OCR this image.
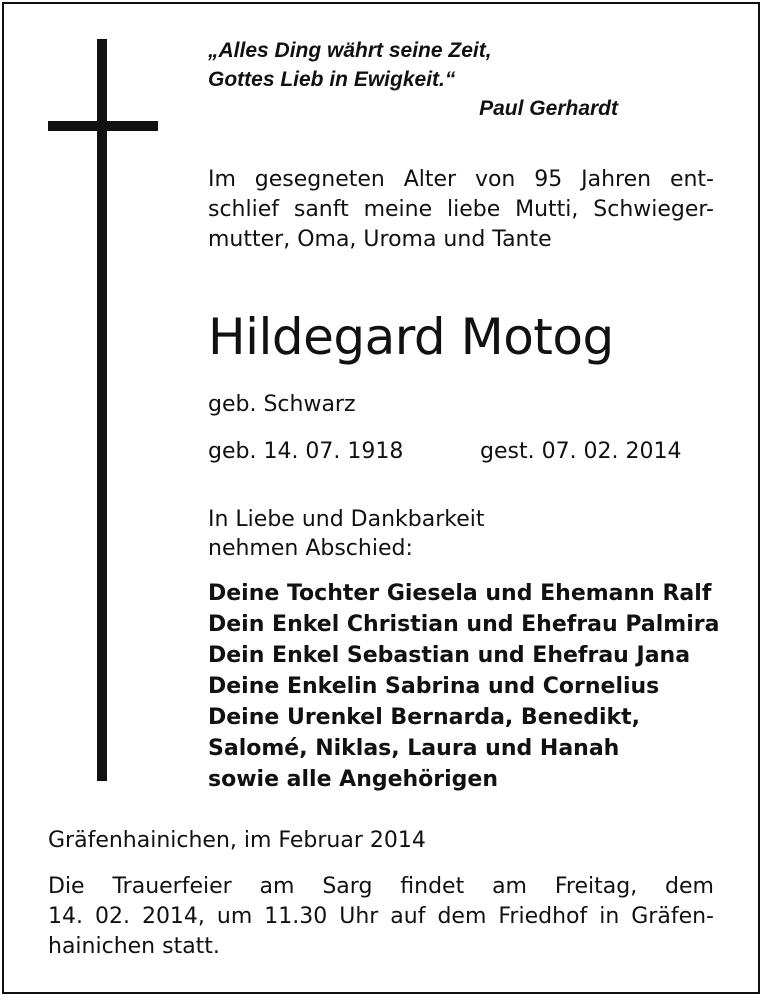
„Alles Ding währt seine Zeit,
Gottes Lieb in Ewigkeit.“
Paul Gerhardt
Im gesegneten Alter von 95 Jahren ent-
schlief sanft meine liebe Mutti, Schwieger-
mutter, Oma, Uroma und Tante
Hildegard Motog
geb. Schwarz
geb. 14. 07. 1918	gest. 07. 02. 2014
In Liebe und Dankbarkeit
nehmen Abschied:
Deine Tochter Giesela und Ehemann Ralf
Dein Enkel Christian und Ehefrau Palmira
Dein Enkel Sebastian und Ehefrau Jana
Deine Enkelin Sabrina und Cornelius
Deine Urenkel Bernarda, Benedikt,
Salomé, Niklas, Laura und Hanah
sowie alle Angehörigen
Gräfenhainichen, im Februar 2014
Die Trauerfeier am Sarg findet am Freitag, dem
14. 02. 2014, um 11.30 Uhr auf dem Friedhof in Gräfen-
hainichen statt.
